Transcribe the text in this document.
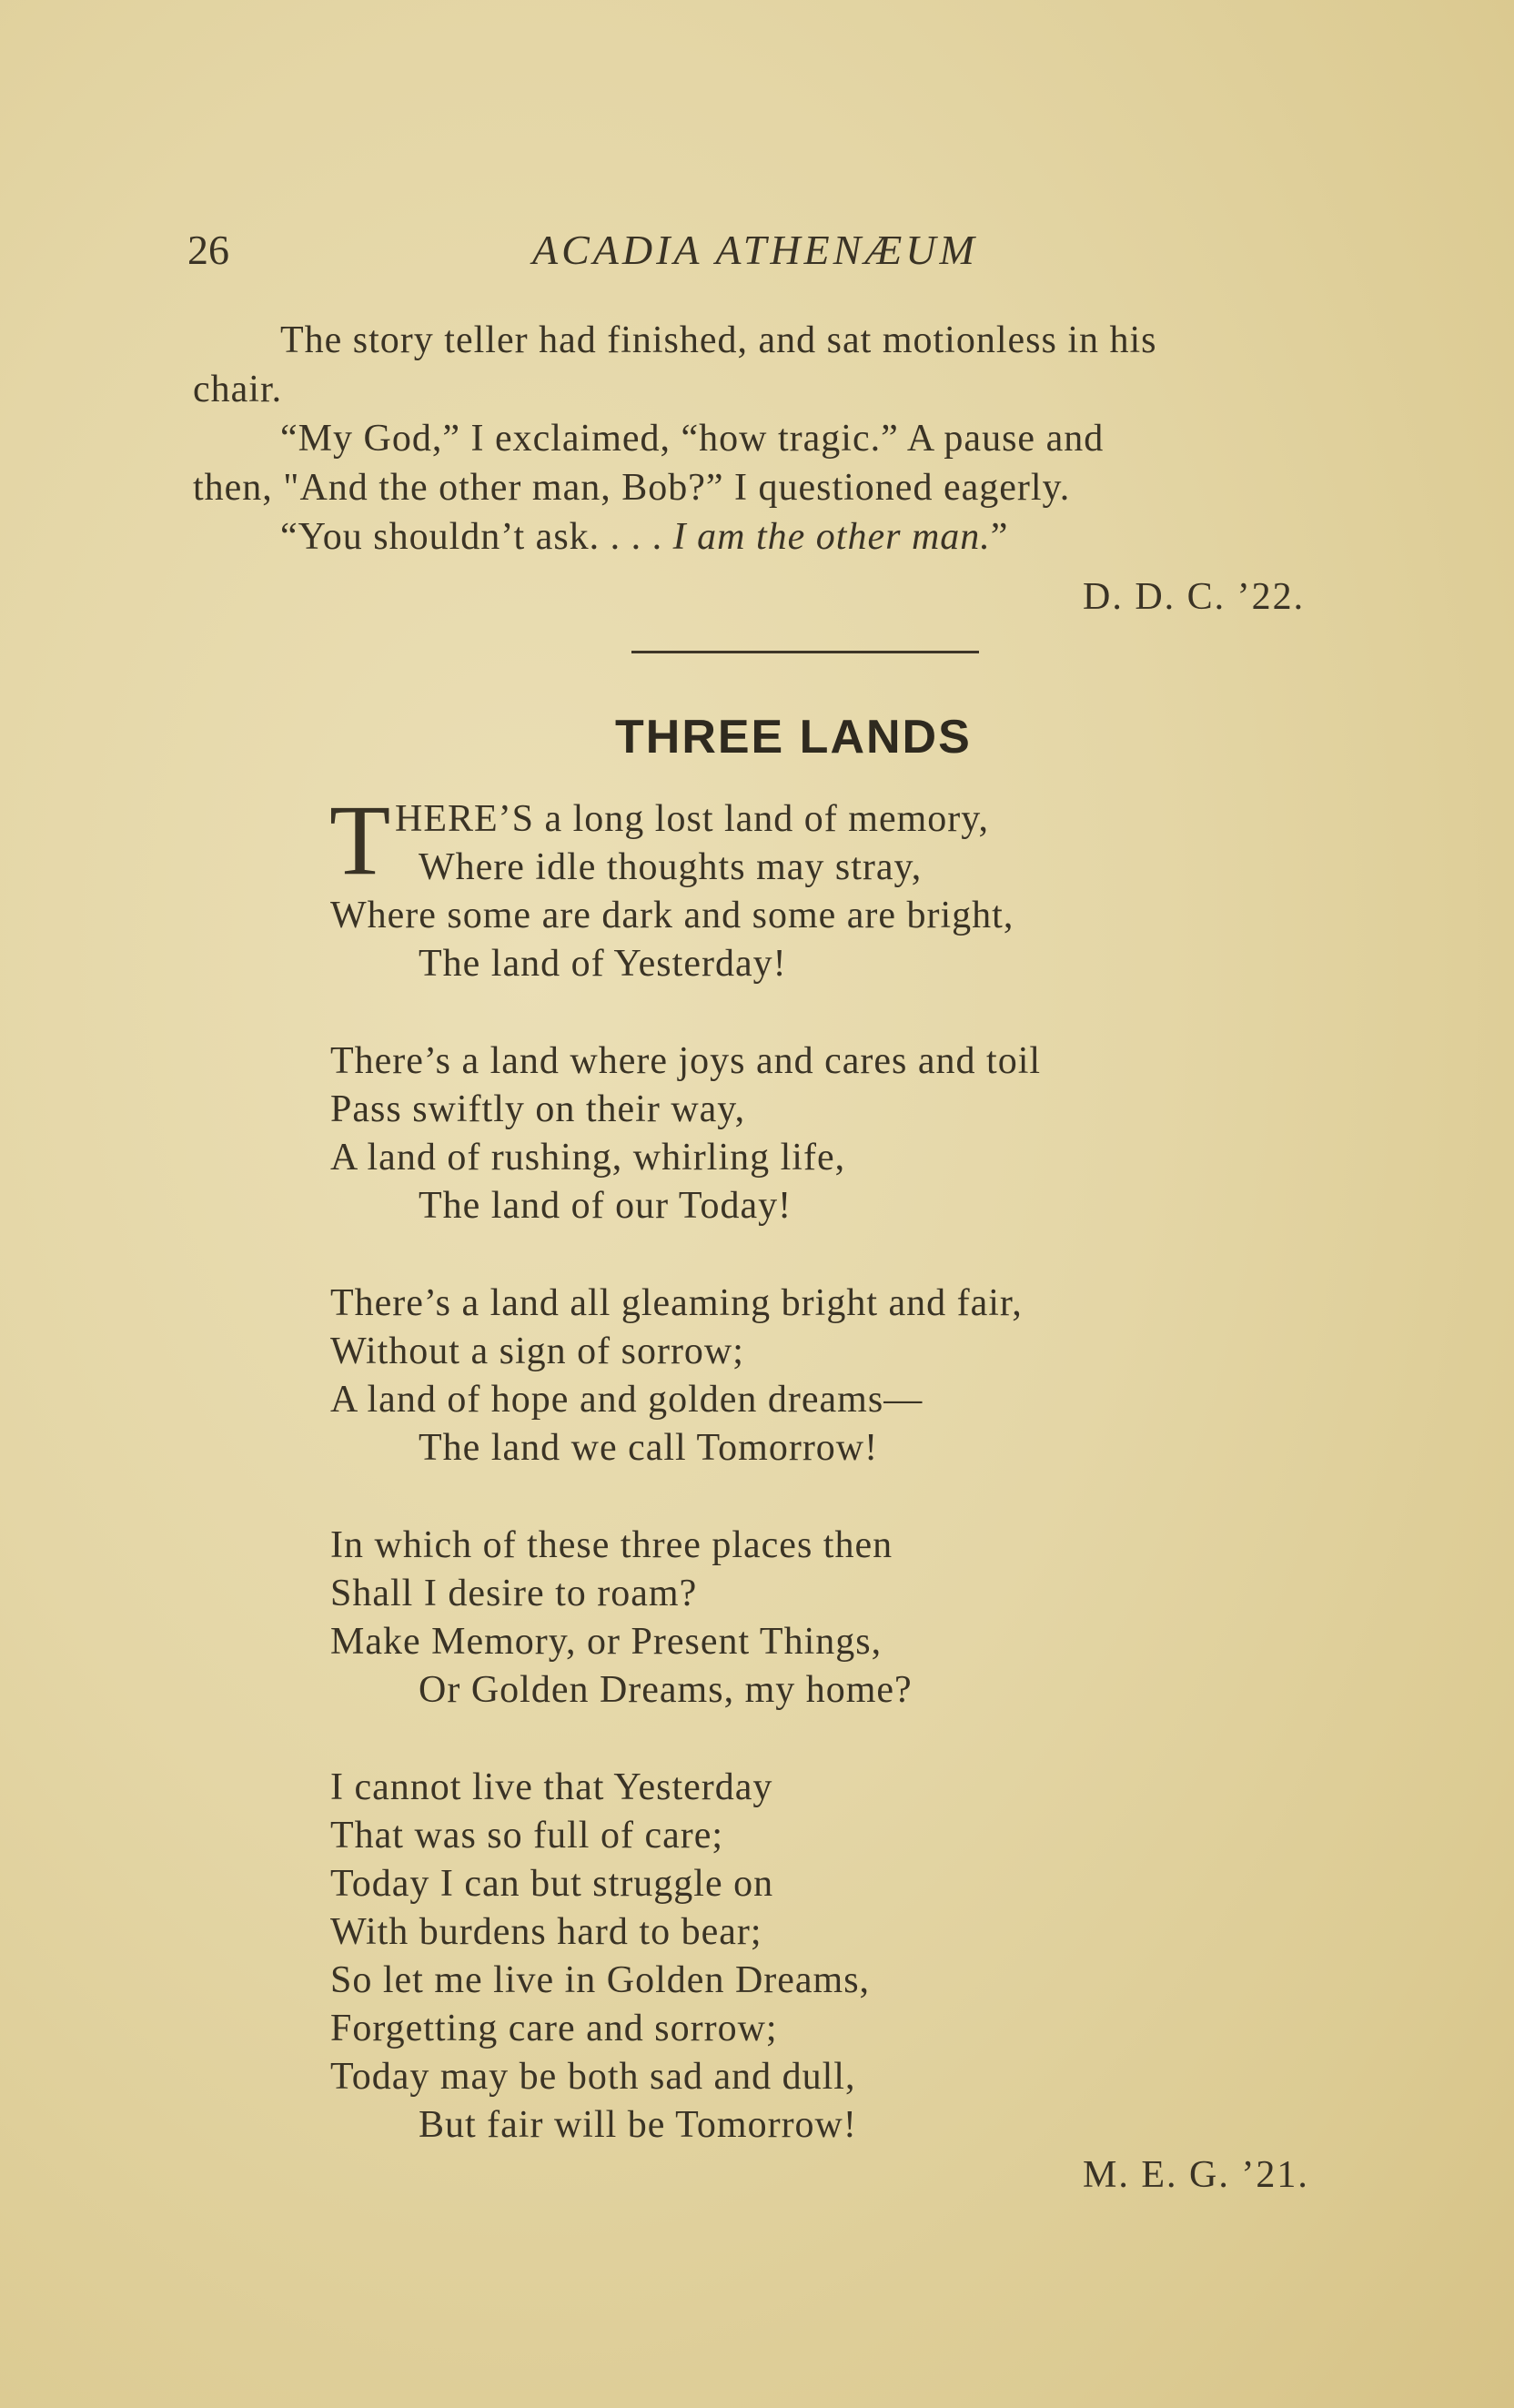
26	ACADIA ATHENÆUM
The story teller had finished, and sat motionless in his
chair.
“My God,” I exclaimed, “how tragic.” A pause and
then, "And the other man, Bob?” I questioned eagerly.
“You shouldn’t ask. . . . I am the other man.”
D. D. C. ’22.
THREE LANDS
T HERE’S a long lost land of memory,
Where idle thoughts may stray,
Where some are dark and some are bright,
The land of Yesterday!
There’s a land where joys and cares and toil
Pass swiftly on their way,
A land of rushing, whirling life,
The land of our Today!
There’s a land all gleaming bright and fair,
Without a sign of sorrow;
A land of hope and golden dreams—
The land we call Tomorrow!
In which of these three places then
Shall I desire to roam?
Make Memory, or Present Things,
Or Golden Dreams, my home?
I cannot live that Yesterday
That was so full of care;
Today I can but struggle on
With burdens hard to bear;
So let me live in Golden Dreams,
Forgetting care and sorrow;
Today may be both sad and dull,
But fair will be Tomorrow!
M. E. G. ’21.
